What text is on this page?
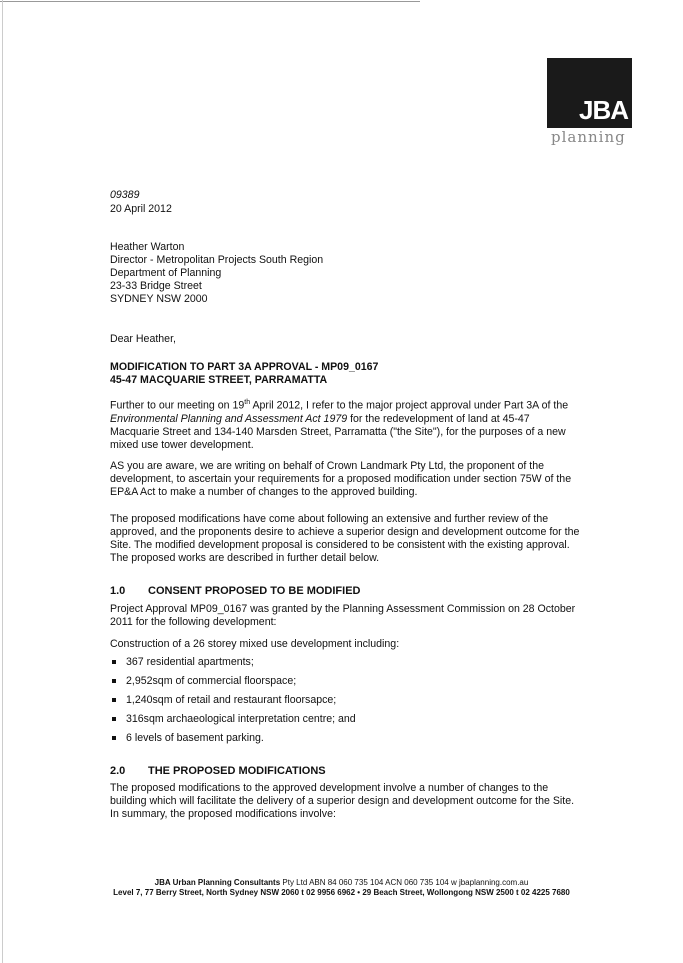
JBA
planning
09389
20 April 2012

Heather Warton

Director - Metropolitan Projects South Region

Department of Planning

23-33 Bridge Street

SYDNEY NSW 2000

Dear Heather,

MODIFICATION TO PART 3A APPROVAL - MP09_0167

45-47 MACQUARIE STREET, PARRAMATTA

Further to our meeting on 19th April 2012, I refer to the major project approval under Part 3A of the Environmental Planning and Assessment Act 1979 for the redevelopment of land at 45-47 Macquarie Street and 134-140 Marsden Street, Parramatta ("the Site"), for the purposes of a new mixed use tower development.
AS you are aware, we are writing on behalf of Crown Landmark Pty Ltd, the proponent of the development, to ascertain your requirements for a proposed modification under section 75W of the EP&A Act to make a number of changes to the approved building.
The proposed modifications have come about following an extensive and further review of the approved, and the proponents desire to achieve a superior design and development outcome for the Site. The modified development proposal is considered to be consistent with the existing approval. The proposed works are described in further detail below.
1.0 CONSENT PROPOSED TO BE MODIFIED
Project Approval MP09_0167 was granted by the Planning Assessment Commission on 28 October 2011 for the following development:
Construction of a 26 storey mixed use development including:
367 residential apartments;
2,952sqm of commercial floorspace;
1,240sqm of retail and restaurant floorsapce;
316sqm archaeological interpretation centre; and
6 levels of basement parking.
2.0 THE PROPOSED MODIFICATIONS
The proposed modifications to the approved development involve a number of changes to the building which will facilitate the delivery of a superior design and development outcome for the Site. In summary, the proposed modifications involve:
JBA Urban Planning Consultants Pty Ltd ABN 84 060 735 104 ACN 060 735 104 w jbaplanning.com.au
Level 7, 77 Berry Street, North Sydney NSW 2060 t 02 9956 6962 • 29 Beach Street, Wollongong NSW 2500 t 02 4225 7680
